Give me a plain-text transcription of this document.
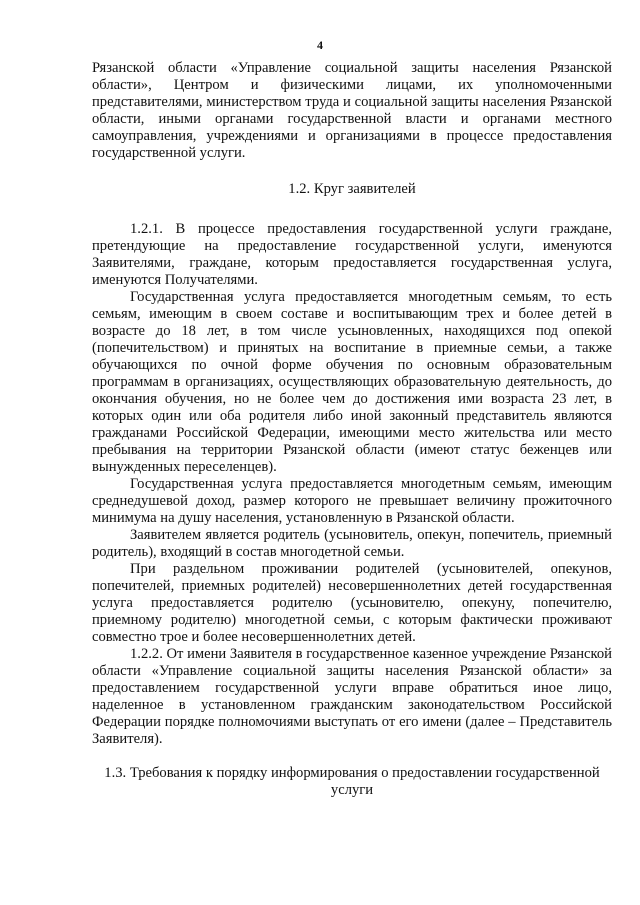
4

Рязанской области «Управление социальной защиты населения Рязанской области», Центром и физическими лицами, их уполномоченными представителями, министерством труда и социальной защиты населения Рязанской области, иными органами государственной власти и органами местного самоуправления, учреждениями и организациями в процессе предоставления государственной услуги.

1.2. Круг заявителей

1.2.1. В процессе предоставления государственной услуги граждане, претендующие на предоставление государственной услуги, именуются Заявителями, граждане, которым предоставляется государственная услуга, именуются Получателями.

Государственная услуга предоставляется многодетным семьям, то есть семьям, имеющим в своем составе и воспитывающим трех и более детей в возрасте до 18 лет, в том числе усыновленных, находящихся под опекой (попечительством) и принятых на воспитание в приемные семьи, а также обучающихся по очной форме обучения по основным образовательным программам в организациях, осуществляющих образовательную деятельность, до окончания обучения, но не более чем до достижения ими возраста 23 лет, в которых один или оба родителя либо иной законный представитель являются гражданами Российской Федерации, имеющими место жительства или место пребывания на территории Рязанской области (имеют статус беженцев или вынужденных переселенцев).

Государственная услуга предоставляется многодетным семьям, имеющим среднедушевой доход, размер которого не превышает величину прожиточного минимума на душу населения, установленную в Рязанской области.

Заявителем является родитель (усыновитель, опекун, попечитель, приемный родитель), входящий в состав многодетной семьи.

При раздельном проживании родителей (усыновителей, опекунов, попечителей, приемных родителей) несовершеннолетних детей государственная услуга предоставляется родителю (усыновителю, опекуну, попечителю, приемному родителю) многодетной семьи, с которым фактически проживают совместно трое и более несовершеннолетних детей.

1.2.2. От имени Заявителя в государственное казенное учреждение Рязанской области «Управление социальной защиты населения Рязанской области» за предоставлением государственной услуги вправе обратиться иное лицо, наделенное в установленном гражданским законодательством Российской Федерации порядке полномочиями выступать от его имени (далее – Представитель Заявителя).

1.3. Требования к порядку информирования о предоставлении государственной услуги
